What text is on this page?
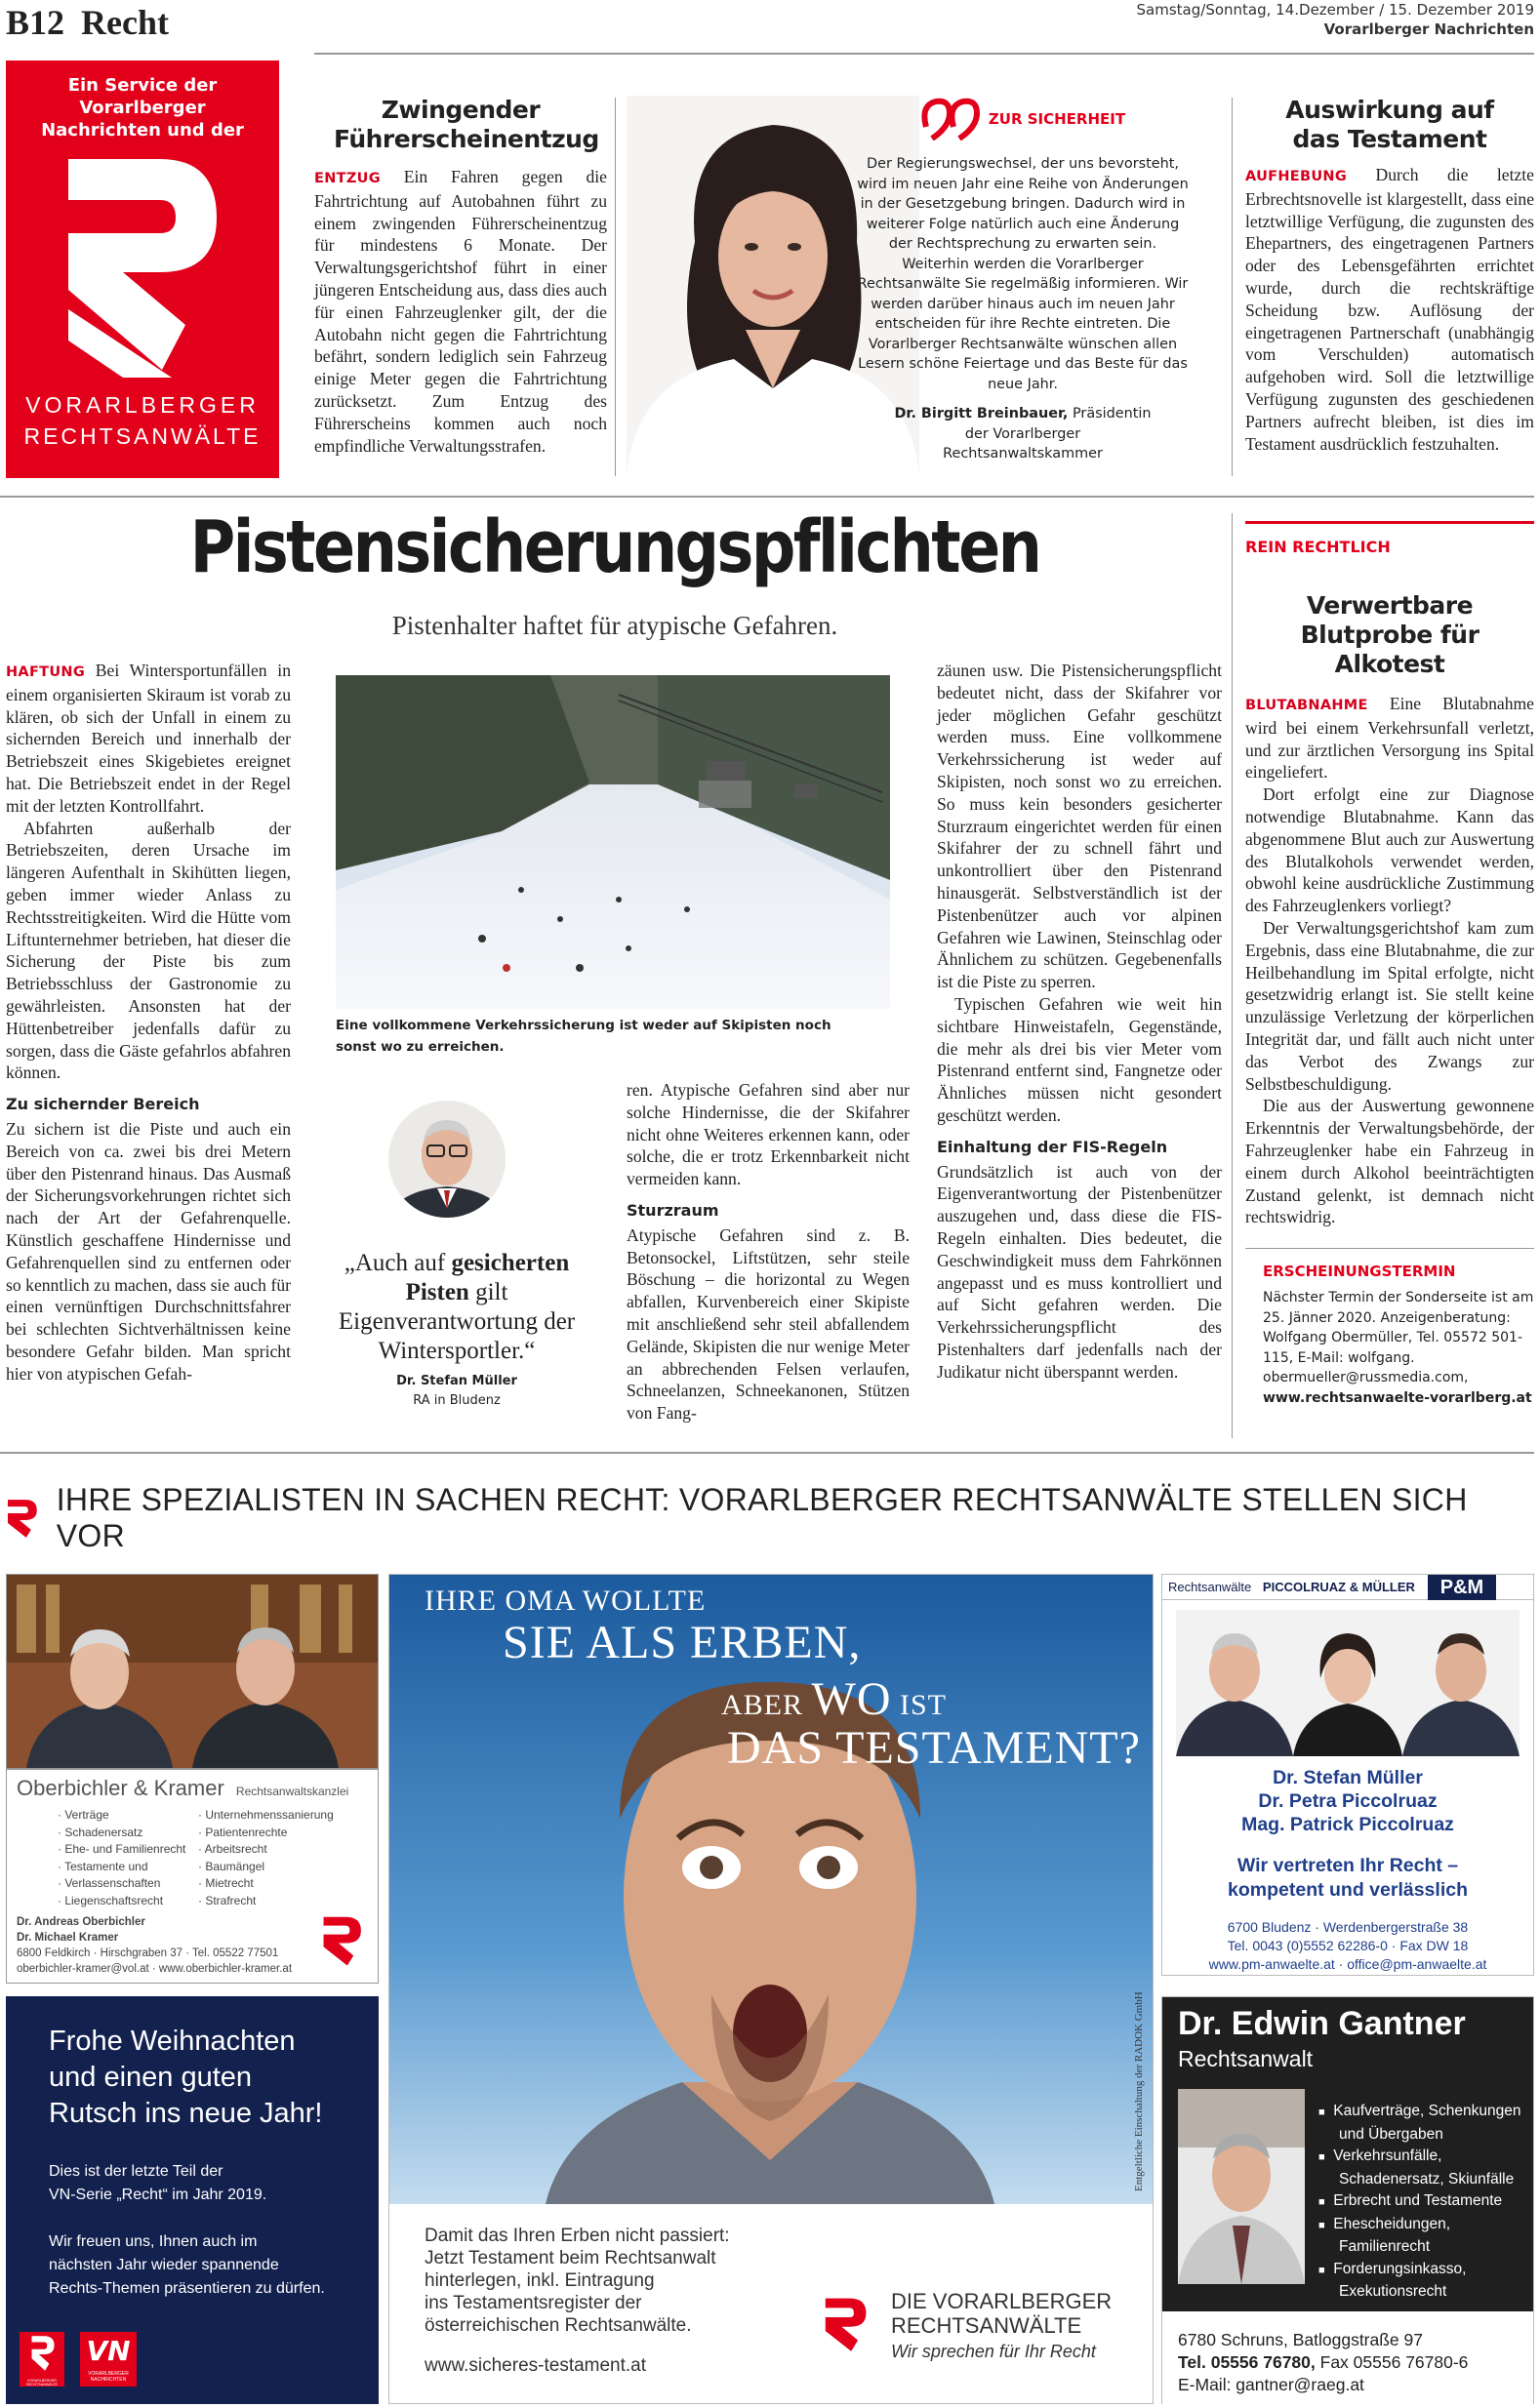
B12 Recht	Samstag/Sonntag, 14.Dezember / 15. Dezember 2019
Vorarlberger Nachrichten
Ein Service der Vorarlberger Nachrichten und der
VORARLBERGER
RECHTSANWÄLTE
Zwingender Führerscheinentzug

ENTZUG Ein Fahren gegen die Fahrtrichtung auf Autobahnen führt zu einem zwingenden Führerscheinentzug für mindestens 6 Monate. Der Verwaltungsgerichtshof führt in einer jüngeren Entscheidung aus, dass dies auch für einen Fahrzeuglenker gilt, der die Autobahn nicht gegen die Fahrtrichtung befährt, sondern lediglich sein Fahrzeug einige Meter gegen die Fahrtrichtung zurücksetzt. Zum Entzug des Führerscheins kommen auch noch empfindliche Verwaltungsstrafen.

ZUR SICHERHEIT
Der Regierungswechsel, der uns bevorsteht, wird im neuen Jahr eine Reihe von Änderungen in der Gesetzgebung bringen. Dadurch wird in weiterer Folge natürlich auch eine Änderung der Rechtsprechung zu erwarten sein. Weiterhin werden die Vorarlberger Rechtsanwälte Sie regelmäßig informieren. Wir werden darüber hinaus auch im neuen Jahr entscheiden für ihre Rechte eintreten. Die Vorarlberger Rechtsanwälte wünschen allen Lesern schöne Feiertage und das Beste für das neue Jahr.
Dr. Birgitt Breinbauer, Präsidentin der Vorarlberger Rechtsanwaltskammer
Auswirkung auf das Testament

AUFHEBUNG Durch die letzte Erbrechtsnovelle ist klargestellt, dass eine letztwillige Verfügung, die zugunsten des Ehepartners, des eingetragenen Partners oder des Lebensgefährten errichtet wurde, durch die rechtskräftige Scheidung bzw. Auflösung der eingetragenen Partnerschaft (unabhängig vom Verschulden) automatisch aufgehoben wird. Soll die letztwillige Verfügung zugunsten des geschiedenen Partners aufrecht bleiben, ist dies im Testament ausdrücklich festzuhalten.

Pistensicherungspflichten
Pistenhalter haftet für atypische Gefahren.

HAFTUNG Bei Wintersportunfällen in einem organisierten Skiraum ist vorab zu klären, ob sich der Unfall in einem zu sichernden Bereich und innerhalb der Betriebszeit eines Skigebietes ereignet hat. Die Betriebszeit endet in der Regel mit der letzten Kontrollfahrt.

Abfahrten außerhalb der Betriebszeiten, deren Ursache im längeren Aufenthalt in Skihütten liegen, geben immer wieder Anlass zu Rechtsstreitigkeiten. Wird die Hütte vom Liftunternehmer betrieben, hat dieser die Sicherung der Piste bis zum Betriebsschluss der Gastronomie zu gewährleisten. Ansonsten hat der Hüttenbetreiber jedenfalls dafür zu sorgen, dass die Gäste gefahrlos abfahren können.

Zu sichernder Bereich

Zu sichern ist die Piste und auch ein Bereich von ca. zwei bis drei Metern über den Pistenrand hinaus. Das Ausmaß der Sicherungsvorkehrungen richtet sich nach der Art der Gefahrenquelle. Künstlich geschaffene Hindernisse und Gefahrenquellen sind zu entfernen oder so kenntlich zu machen, dass sie auch für einen vernünftigen Durchschnittsfahrer bei schlechten Sichtverhältnissen keine besondere Gefahr bilden. Man spricht hier von atypischen Gefah-

Eine vollkommene Verkehrssicherung ist weder auf Skipisten noch sonst wo zu erreichen.
„Auch auf gesicherten Pisten gilt Eigenverantwortung der Wintersportler.“
Dr. Stefan Müller
RA in Bludenz

ren. Atypische Gefahren sind aber nur solche Hindernisse, die der Skifahrer nicht ohne Weiteres erkennen kann, oder solche, die er trotz Erkennbarkeit nicht vermeiden kann.

Sturzraum

Atypische Gefahren sind z. B. Betonsockel, Liftstützen, sehr steile Böschung – die horizontal zu Wegen abfallen, Kurvenbereich einer Skipiste mit anschließend sehr steil abfallendem Gelände, Skipisten die nur wenige Meter an abbrechenden Felsen verlaufen, Schneelanzen, Schneekanonen, Stützen von Fang-

zäunen usw. Die Pistensicherungspflicht bedeutet nicht, dass der Skifahrer vor jeder möglichen Gefahr geschützt werden muss. Eine vollkommene Verkehrssicherung ist weder auf Skipisten, noch sonst wo zu erreichen. So muss kein besonders gesicherter Sturzraum eingerichtet werden für einen Skifahrer der zu schnell fährt und unkontrolliert über den Pistenrand hinausgerät. Selbstverständlich ist der Pistenbenützer auch vor alpinen Gefahren wie Lawinen, Steinschlag oder Ähnlichem zu schützen. Gegebenenfalls ist die Piste zu sperren.

Typischen Gefahren wie weit hin sichtbare Hinweistafeln, Gegenstände, die mehr als drei bis vier Meter vom Pistenrand entfernt sind, Fangnetze oder Ähnliches müssen nicht gesondert geschützt werden.

Einhaltung der FIS-Regeln

Grundsätzlich ist auch von der Eigenverantwortung der Pistenbenützer auszugehen und, dass diese die FIS-Regeln einhalten. Dies bedeutet, die Geschwindigkeit muss dem Fahrkönnen angepasst und es muss kontrolliert und auf Sicht gefahren werden. Die Verkehrssicherungspflicht des Pistenhalters darf jedenfalls nach der Judikatur nicht überspannt werden.

REIN RECHTLICH
Verwertbare Blutprobe für Alkotest

BLUTABNAHME Eine Blutabnahme wird bei einem Verkehrsunfall verletzt, und zur ärztlichen Versorgung ins Spital eingeliefert.

Dort erfolgt eine zur Diagnose notwendige Blutabnahme. Kann das abgenommene Blut auch zur Auswertung des Blutalkohols verwendet werden, obwohl keine ausdrückliche Zustimmung des Fahrzeuglenkers vorliegt?

Der Verwaltungsgerichtshof kam zum Ergebnis, dass eine Blutabnahme, die zur Heilbehandlung im Spital erfolgte, nicht gesetzwidrig erlangt ist. Sie stellt keine unzulässige Verletzung der körperlichen Integrität dar, und fällt auch nicht unter das Verbot des Zwangs zur Selbstbeschuldigung.

Die aus der Auswertung gewonnene Erkenntnis der Verwaltungsbehörde, der Fahrzeuglenker habe ein Fahrzeug in einem durch Alkohol beeinträchtigten Zustand gelenkt, ist demnach nicht rechtswidrig.

ERSCHEINUNGSTERMIN
Nächster Termin der Sonderseite ist am 25. Jänner 2020. Anzeigenberatung: Wolfgang Obermüller, Tel. 05572 501-115, E-Mail: wolfgang. obermueller@russmedia.com,
www.rechtsanwaelte-vorarlberg.at
IHRE SPEZIALISTEN IN SACHEN RECHT: VORARLBERGER RECHTSANWÄLTE STELLEN SICH VOR
Oberbichler & Kramer Rechtsanwaltskanzlei
· Verträge
· Schadenersatz
· Ehe- und Familienrecht
· Testamente und
· Verlassenschaften
· Liegenschaftsrecht
· Unternehmenssanierung
· Patientenrechte
· Arbeitsrecht
· Baumängel
· Mietrecht
· Strafrecht
Dr. Andreas Oberbichler
Dr. Michael Kramer
6800 Feldkirch · Hirschgraben 37 · Tel. 05522 77501
oberbichler-kramer@vol.at · www.oberbichler-kramer.at
Frohe Weihnachten
und einen guten
Rutsch ins neue Jahr!
Dies ist der letzte Teil der
VN-Serie „Recht“ im Jahr 2019.
Wir freuen uns, Ihnen auch im
nächsten Jahr wieder spannende
Rechts-Themen präsentieren zu dürfen.
VORARLBERGER RECHTSANWÄLTE
VN
VORARLBERGER NACHRICHTEN
IHRE OMA WOLLTE
SIE ALS ERBEN,
ABER WO IST
DAS TESTAMENT?
Entgeltliche Einschaltung der RADOK GmbH
Damit das Ihren Erben nicht passiert:
Jetzt Testament beim Rechtsanwalt
hinterlegen, inkl. Eintragung
ins Testamentsregister der
österreichischen Rechtsanwälte.
www.sicheres-testament.at
DIE VORARLBERGER
RECHTSANWÄLTE
Wir sprechen für Ihr Recht
Rechtsanwälte PICCOLRUAZ & MÜLLER	P&M
Dr. Stefan Müller
Dr. Petra Piccolruaz
Mag. Patrick Piccolruaz
Wir vertreten Ihr Recht –
kompetent und verlässlich
6700 Bludenz · Werdenbergerstraße 38
Tel. 0043 (0)5552 62286-0 · Fax DW 18
www.pm-anwaelte.at · office@pm-anwaelte.at
Dr. Edwin Gantner
Rechtsanwalt
■ Kaufverträge, Schenkungen
und Übergaben
■ Verkehrsunfälle,
Schadenersatz, Skiunfälle
■ Erbrecht und Testamente
■ Ehescheidungen,
Familienrecht
■ Forderungsinkasso,
Exekutionsrecht
6780 Schruns, Batloggstraße 97
Tel. 05556 76780, Fax 05556 76780-6
E-Mail: gantner@raeg.at
